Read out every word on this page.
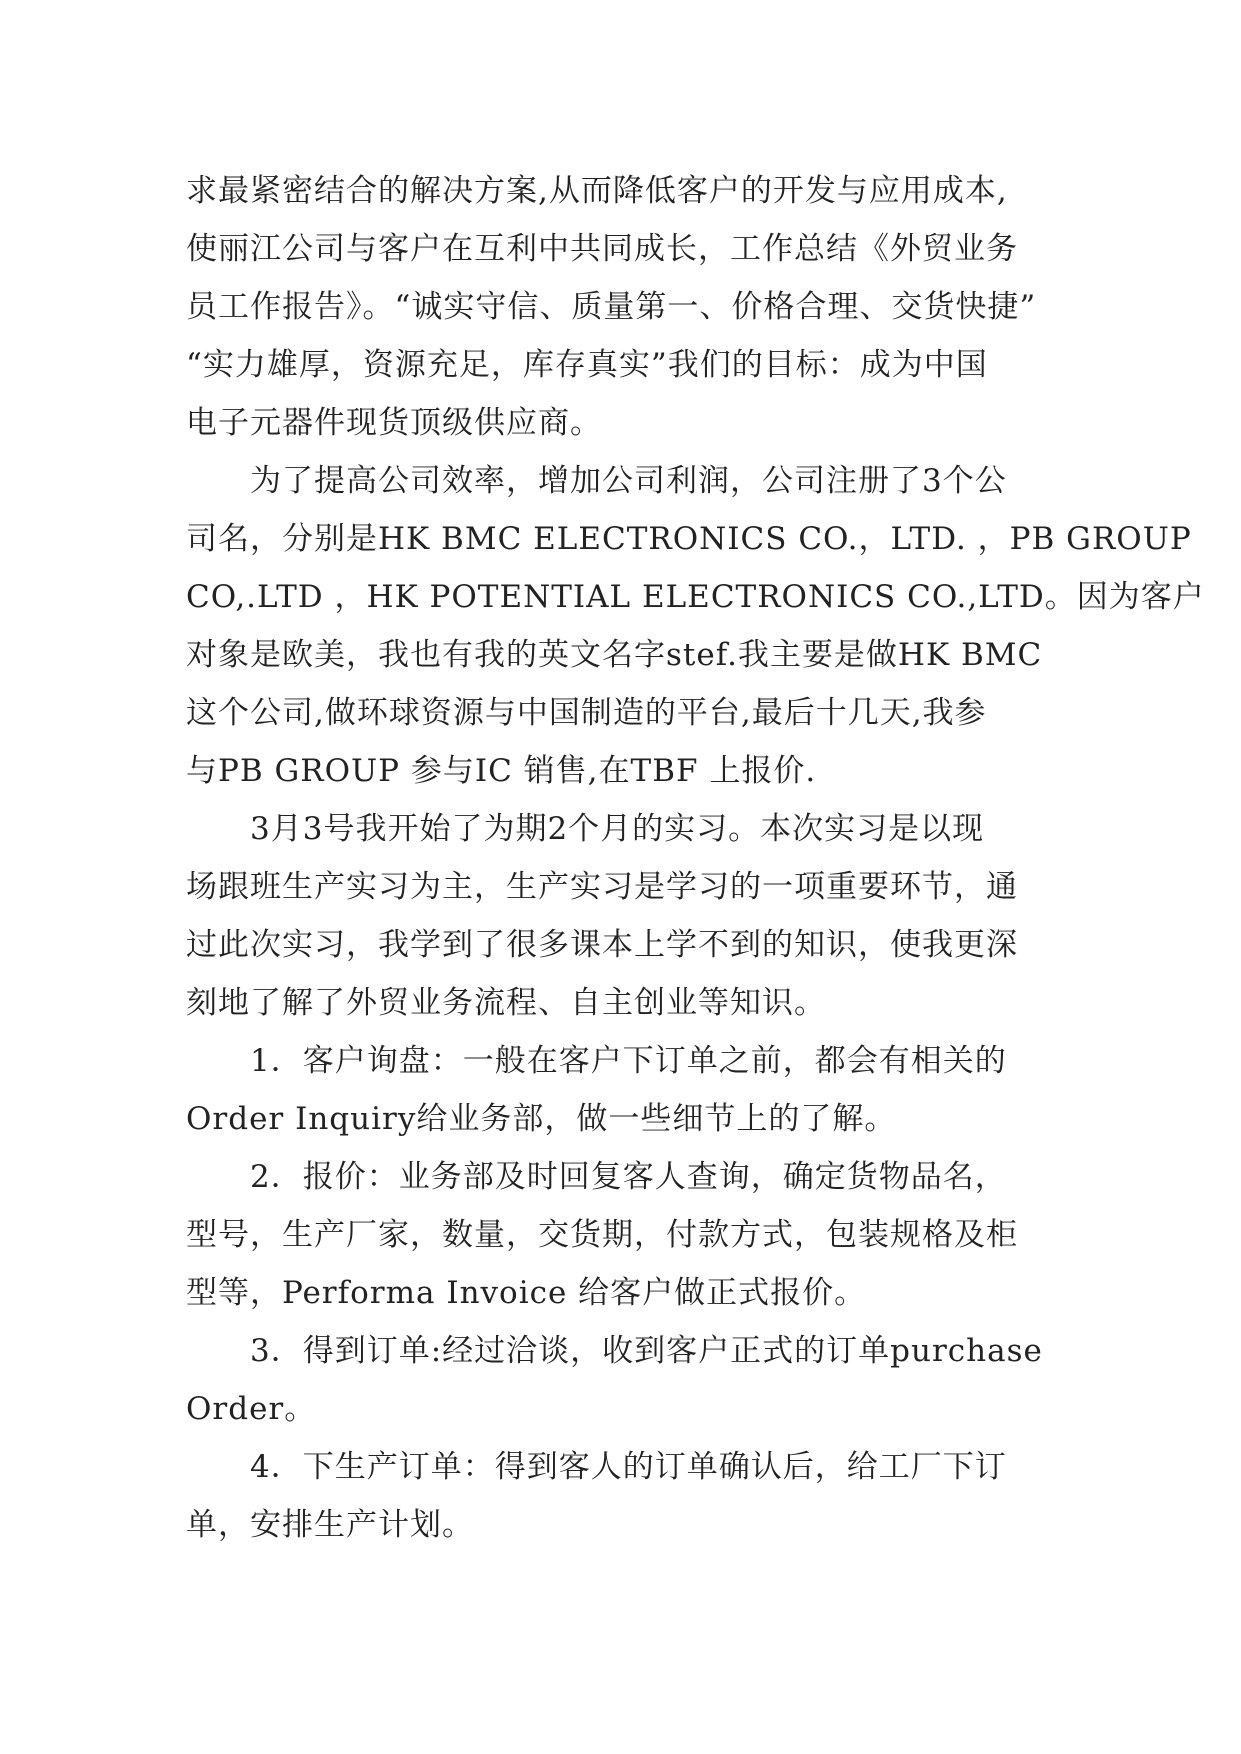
求最紧密结合的解决方案,从而降低客户的开发与应用成本,
使丽江公司与客户在互利中共同成长，工作总结《外贸业务
员工作报告》。“诚实守信、质量第一、价格合理、交货快捷”
“实力雄厚，资源充足，库存真实”我们的目标：成为中国
电子元器件现货顶级供应商。
为了提高公司效率，增加公司利润，公司注册了3个公
司名，分别是HK BMC ELECTRONICS CO.，LTD. ，PB GROUP
CO,.LTD ，HK POTENTIAL ELECTRONICS CO.,LTD。因为客户
对象是欧美，我也有我的英文名字stef.我主要是做HK BMC
这个公司,做环球资源与中国制造的平台,最后十几天,我参
与PB GROUP 参与IC 销售,在TBF 上报价.
3月3号我开始了为期2个月的实习。本次实习是以现
场跟班生产实习为主，生产实习是学习的一项重要环节，通
过此次实习，我学到了很多课本上学不到的知识，使我更深
刻地了解了外贸业务流程、自主创业等知识。
1．客户询盘：一般在客户下订单之前，都会有相关的
Order Inquiry给业务部，做一些细节上的了解。
2．报价：业务部及时回复客人查询，确定货物品名，
型号，生产厂家，数量，交货期，付款方式，包装规格及柜
型等，Performa Invoice 给客户做正式报价。
3．得到订单:经过洽谈，收到客户正式的订单purchase
Order。
4．下生产订单：得到客人的订单确认后，给工厂下订
单，安排生产计划。
